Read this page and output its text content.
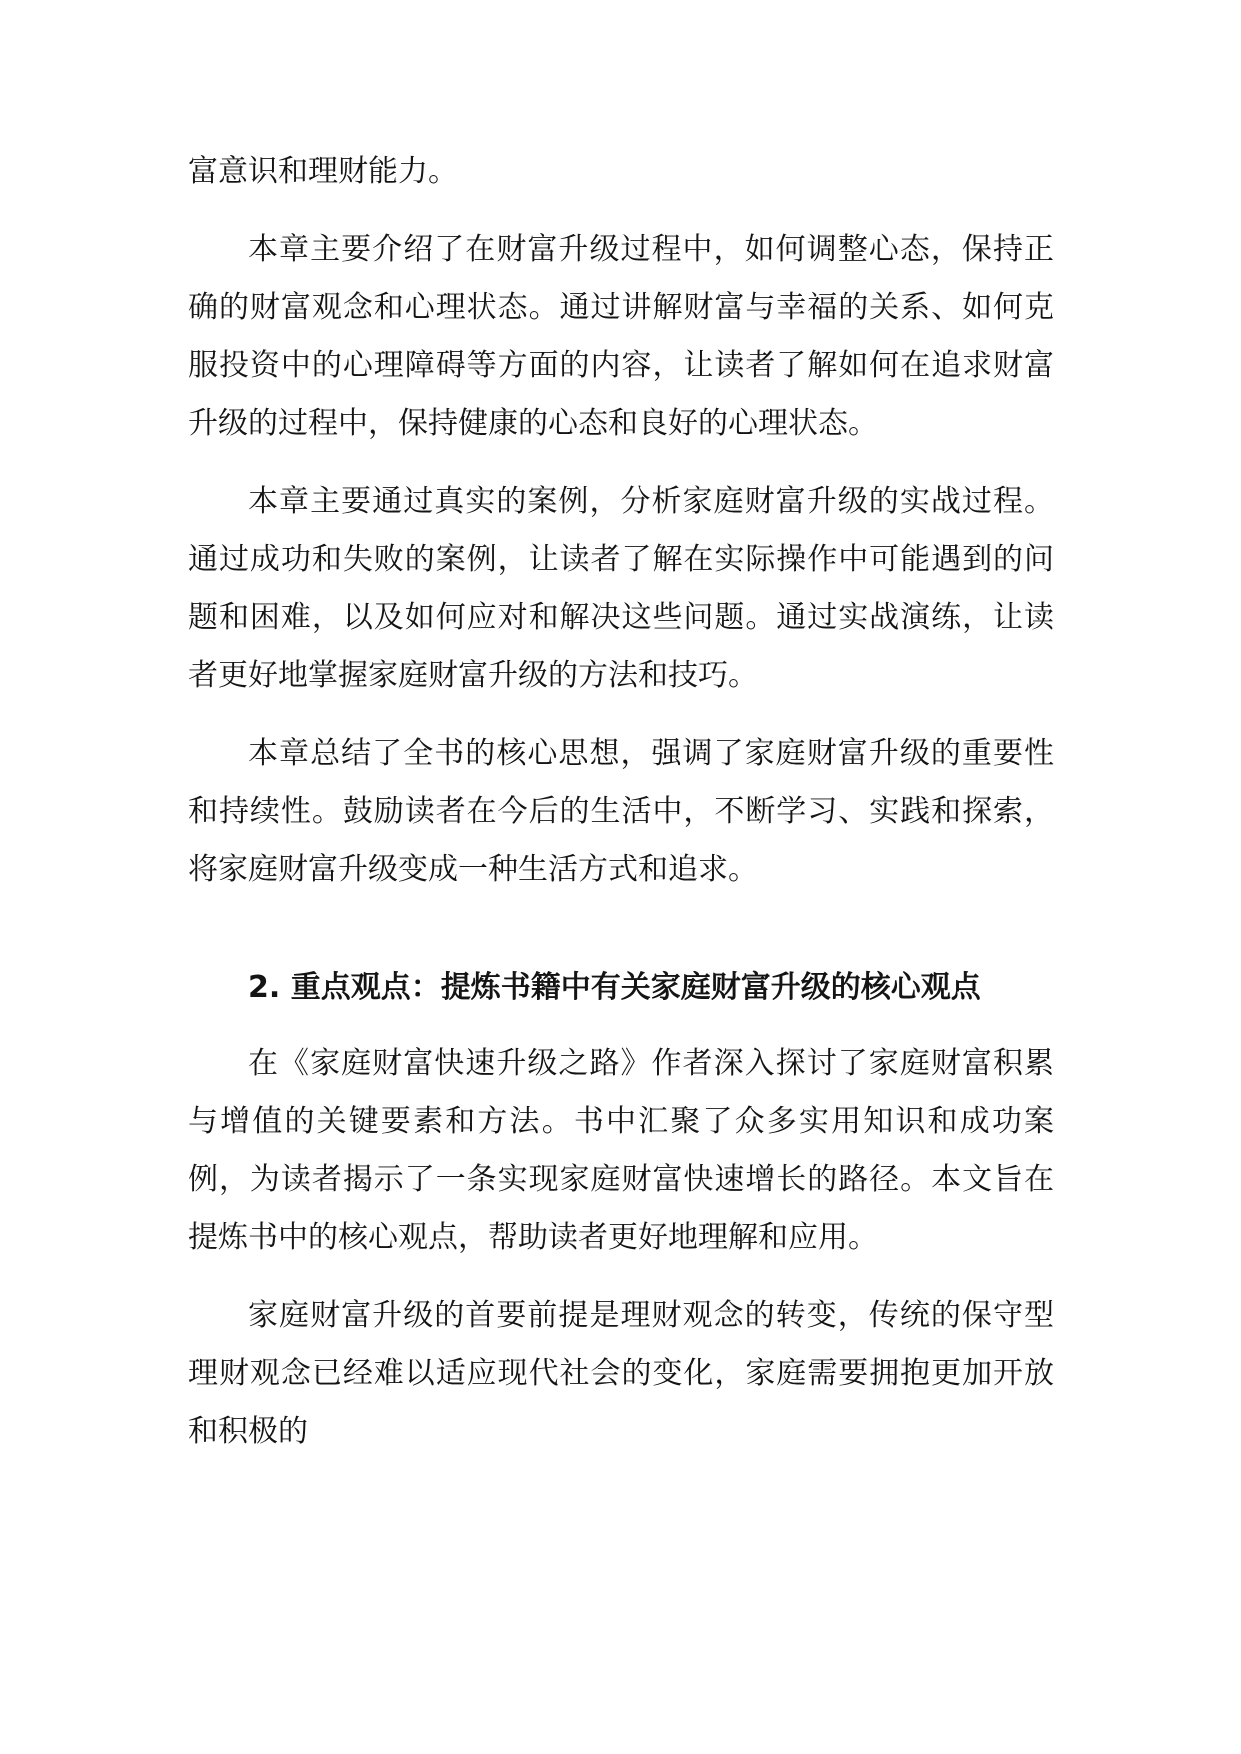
富意识和理财能力。

本章主要介绍了在财富升级过程中，如何调整心态，保持正确的财富观念和心理状态。通过讲解财富与幸福的关系、如何克服投资中的心理障碍等方面的内容，让读者了解如何在追求财富升级的过程中，保持健康的心态和良好的心理状态。

本章主要通过真实的案例，分析家庭财富升级的实战过程。通过成功和失败的案例，让读者了解在实际操作中可能遇到的问题和困难，以及如何应对和解决这些问题。通过实战演练，让读者更好地掌握家庭财富升级的方法和技巧。

本章总结了全书的核心思想，强调了家庭财富升级的重要性和持续性。鼓励读者在今后的生活中，不断学习、实践和探索，将家庭财富升级变成一种生活方式和追求。

2. 重点观点：提炼书籍中有关家庭财富升级的核心观点

在《家庭财富快速升级之路》作者深入探讨了家庭财富积累与增值的关键要素和方法。书中汇聚了众多实用知识和成功案例，为读者揭示了一条实现家庭财富快速增长的路径。本文旨在提炼书中的核心观点，帮助读者更好地理解和应用。

家庭财富升级的首要前提是理财观念的转变，传统的保守型理财观念已经难以适应现代社会的变化，家庭需要拥抱更加开放和积极的
